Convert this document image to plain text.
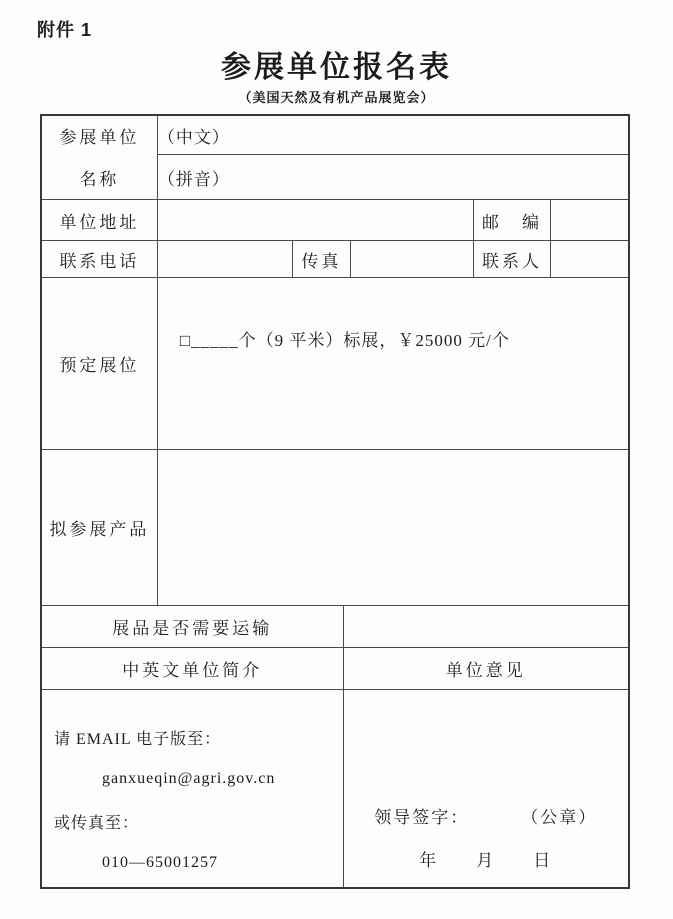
附件 1
参展单位报名表
（美国天然及有机产品展览会）
参展单位
名称	（中文）					
	（拼音）					
单位地址					邮　编	
联系电话		传真			联系人	
预定展位	□_____个（9 平米）标展，￥25000 元/个					
拟参展产品						
展品是否需要运输						
中英文单位简介			单位意见			

请 EMAIL 电子版至：
ganxueqin@agri.gov.cn
或传真至：
010—65001257

领导签字：	（公章）
年　　月　　日
